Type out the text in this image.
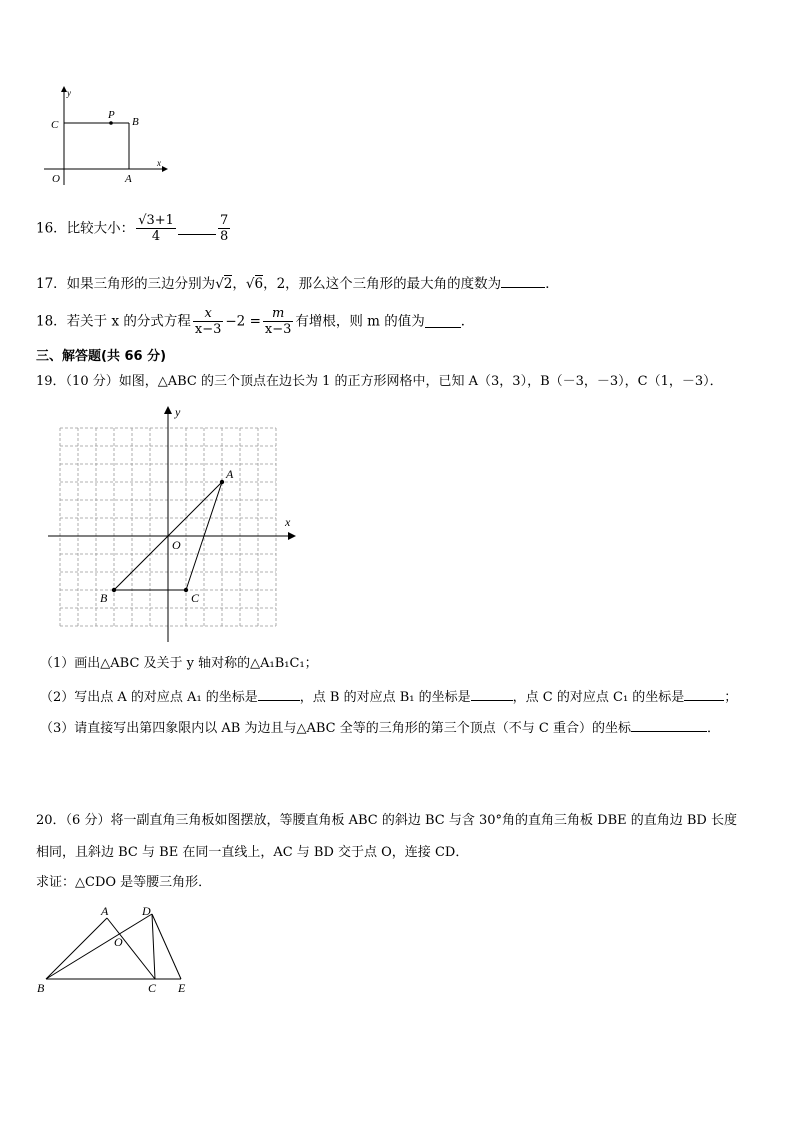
y
x
C
P
B
O	A
16．比较大小： $\frac{√3+1}{4}$	$\frac{7}{8}$
17．如果三角形的三边分别为√2，√6，2，那么这个三角形的最大角的度数为	．
18．若关于 x 的分式方程 $\frac{x}{x-3} -2 = \frac{m}{x-3}$ 有增根，则 m 的值为	．
三、解答题(共 66 分)
19．（10 分）如图，△ABC 的三个顶点在边长为 1 的正方形网格中，已知 A（3，3），B（－3，－3），C（1，－3）．
y
x
O
A
B	C
（1）画出△ABC 及关于 y 轴对称的△A₁B₁C₁；
（2）写出点 A 的对应点 A₁ 的坐标是	，点 B 的对应点 B₁ 的坐标是	，点 C 的对应点 C₁ 的坐标是	；
（3）请直接写出第四象限内以 AB 为边且与△ABC 全等的三角形的第三个顶点（不与 C 重合）的坐标	．
20．（6 分）将一副直角三角板如图摆放，等腰直角板 ABC 的斜边 BC 与含 30°角的直角三角板 DBE 的直角边 BD 长度
相同，且斜边 BC 与 BE 在同一直线上，AC 与 BD 交于点 O，连接 CD．
求证：△CDO 是等腰三角形．
A	D
O
B	C E
